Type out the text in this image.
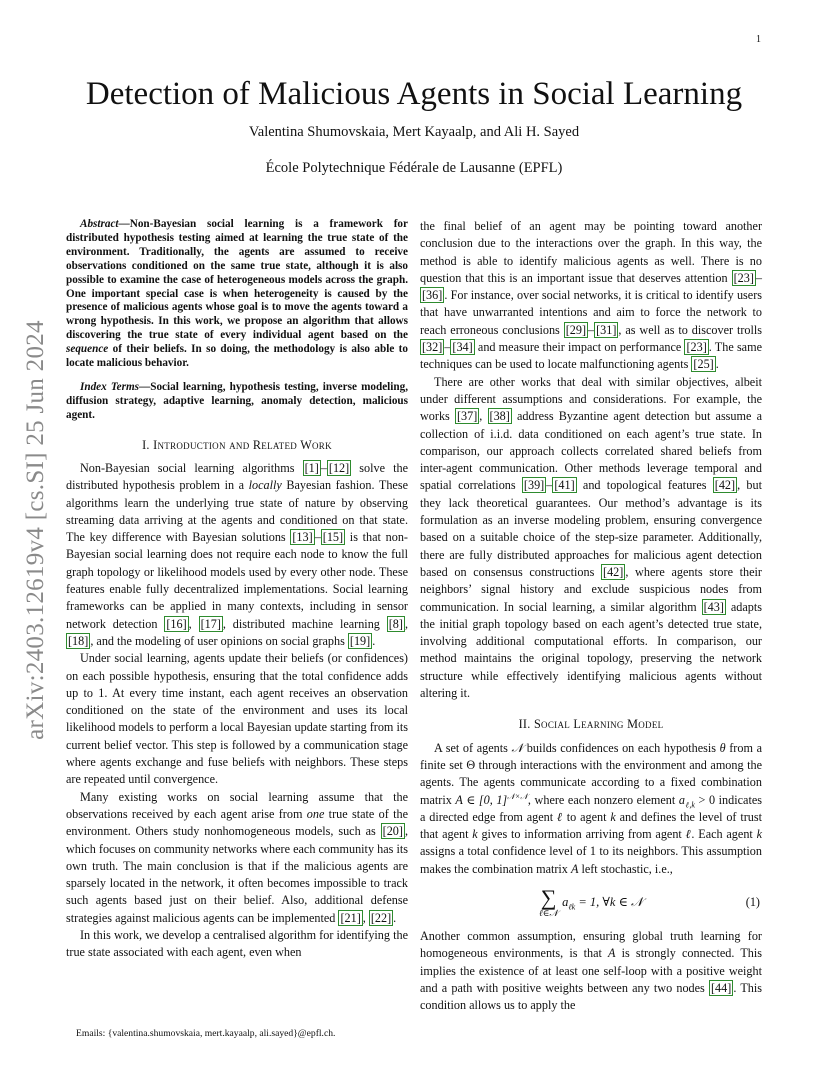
1
arXiv:2403.12619v4 [cs.SI] 25 Jun 2024
Detection of Malicious Agents in Social Learning
Valentina Shumovskaia, Mert Kayaalp, and Ali H. Sayed
École Polytechnique Fédérale de Lausanne (EPFL)

Abstract—Non-Bayesian social learning is a framework for distributed hypothesis testing aimed at learning the true state of the environment. Traditionally, the agents are assumed to receive observations conditioned on the same true state, although it is also possible to examine the case of heterogeneous models across the graph. One important special case is when heterogeneity is caused by the presence of malicious agents whose goal is to move the agents toward a wrong hypothesis. In this work, we propose an algorithm that allows discovering the true state of every individual agent based on the sequence of their beliefs. In so doing, the methodology is also able to locate malicious behavior.

Index Terms—Social learning, hypothesis testing, inverse modeling, diffusion strategy, adaptive learning, anomaly detection, malicious agent.

I. Introduction and Related Work

Non-Bayesian social learning algorithms [1] – [12] solve the distributed hypothesis problem in a locally Bayesian fashion. These algorithms learn the underlying true state of nature by observing streaming data arriving at the agents and conditioned on that state. The key difference with Bayesian solutions [13] – [15] is that non-Bayesian social learning does not require each node to know the full graph topology or likelihood models used by every other node. These features enable fully decentralized implementations. Social learning frameworks can be applied in many contexts, including in sensor network detection [16] , [17] , distributed machine learning [8] , [18] , and the modeling of user opinions on social graphs [19] .

Under social learning, agents update their beliefs (or confidences) on each possible hypothesis, ensuring that the total confidence adds up to 1. At every time instant, each agent receives an observation conditioned on the state of the environment and uses its local likelihood models to perform a local Bayesian update starting from its current belief vector. This step is followed by a communication stage where agents exchange and fuse beliefs with neighbors. These steps are repeated until convergence.

Many existing works on social learning assume that the observations received by each agent arise from one true state of the environment. Others study nonhomogeneous models, such as [20] , which focuses on community networks where each community has its own truth. The main conclusion is that if the malicious agents are sparsely located in the network, it often becomes impossible to track such agents based just on their belief. Also, additional defense strategies against malicious agents can be implemented [21] , [22] .

In this work, we develop a centralised algorithm for identifying the true state associated with each agent, even when

the final belief of an agent may be pointing toward another conclusion due to the interactions over the graph. In this way, the method is able to identify malicious agents as well. There is no question that this is an important issue that deserves attention [23] –[36] . For instance, over social networks, it is critical to identify users that have unwarranted intentions and aim to force the network to reach erroneous conclusions [29] – [31] , as well as to discover trolls [32] – [34] and measure their impact on performance [23] . The same techniques can be used to locate malfunctioning agents [25] .

There are other works that deal with similar objectives, albeit under different assumptions and considerations. For example, the works [37] , [38] address Byzantine agent detection but assume a collection of i.i.d. data conditioned on each agent’s true state. In comparison, our approach collects correlated shared beliefs from inter-agent communication. Other methods leverage temporal and spatial correlations [39] – [41] and topological features [42] , but they lack theoretical guarantees. Our method’s advantage is its formulation as an inverse modeling problem, ensuring convergence based on a suitable choice of the step-size parameter. Additionally, there are fully distributed approaches for malicious agent detection based on consensus constructions [42] , where agents store their neighbors’ signal history and exclude suspicious nodes from communication. In social learning, a similar algorithm [43] adapts the initial graph topology based on each agent’s detected true state, involving additional computational efforts. In comparison, our method maintains the original topology, preserving the network structure while effectively identifying malicious agents without altering it.

II. Social Learning Model

A set of agents 𝒩 builds confidences on each hypothesis θ from a finite set Θ through interactions with the environment and among the agents. The agents communicate according to a fixed combination matrix A ∈ [0, 1]$^{𝒩\times 𝒩}$, where each nonzero element $a_{\ell,k} > 0$ indicates a directed edge from agent ℓ to agent k and defines the level of trust that agent k gives to information arriving from agent ℓ. Each agent k assigns a total confidence level of 1 to its neighbors. This assumption makes the combination matrix A left stochastic, i.e.,

∑
ℓ∈𝒩
$a_{\ell k} = 1$, ∀k ∈ 𝒩	(1)

Another common assumption, ensuring global truth learning for homogeneous environments, is that A is strongly connected. This implies the existence of at least one self-loop with a positive weight and a path with positive weights between any two nodes [44] . This condition allows us to apply the

Emails: {valentina.shumovskaia, mert.kayaalp, ali.sayed}@epfl.ch.
